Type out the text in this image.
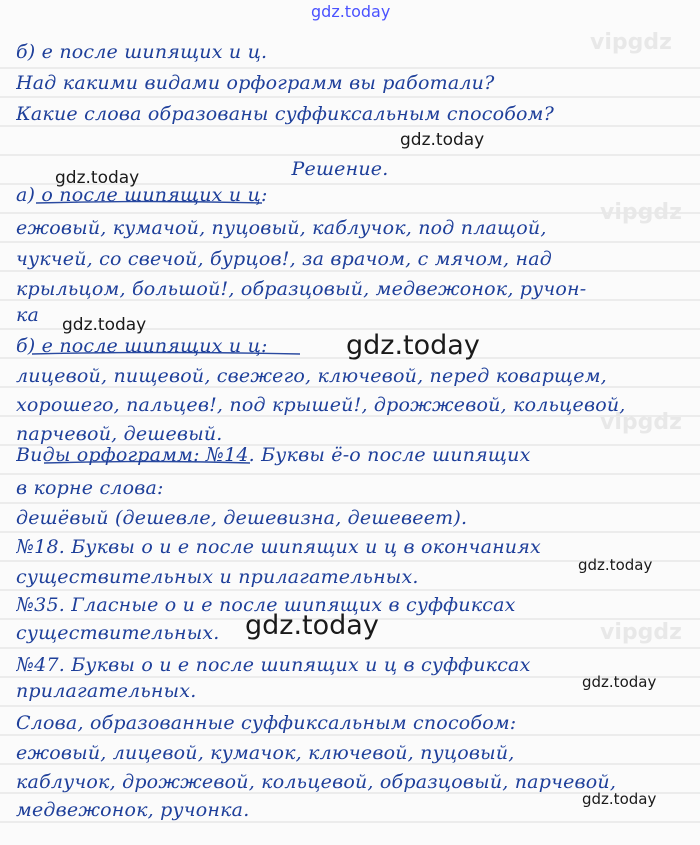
vipgdz
vipgdz
vipgdz
vipgdz
gdz.today
б) е после шипящих и ц.
Над какими видами орфограмм вы работали?
Какие слова образованы суффиксальным способом?
Решение.
а) о после шипящих и ц:
ежовый, кумачой, пуцовый, каблучок, под плащой,
чукчей, со свечой, бурцов!, за врачом, с мячом, над
крыльцом, большой!, образцовый, медвежонок, ручон-
ка
б) е после шипящих и ц:
лицевой, пищевой, свежего, ключевой, перед коварщем,
хорошего, пальцев!, под крышей!, дрожжевой, кольцевой,
парчевой, дешевый.
Виды орфограмм: №14. Буквы ё-о после шипящих
в корне слова:
дешёвый (дешевле, дешевизна, дешевеет).
№18. Буквы о и е после шипящих и ц в окончаниях
существительных и прилагательных.
№35. Гласные о и е после шипящих в суффиксах
существительных.
№47. Буквы о и е после шипящих и ц в суффиксах
прилагательных.
Слова, образованные суффиксальным способом:
ежовый, лицевой, кумачок, ключевой, пуцовый,
каблучок, дрожжевой, кольцевой, образцовый, парчевой,
медвежонок, ручонка.
gdz.today
gdz.today
gdz.today
gdz.today
gdz.today
gdz.today
gdz.today
gdz.today
